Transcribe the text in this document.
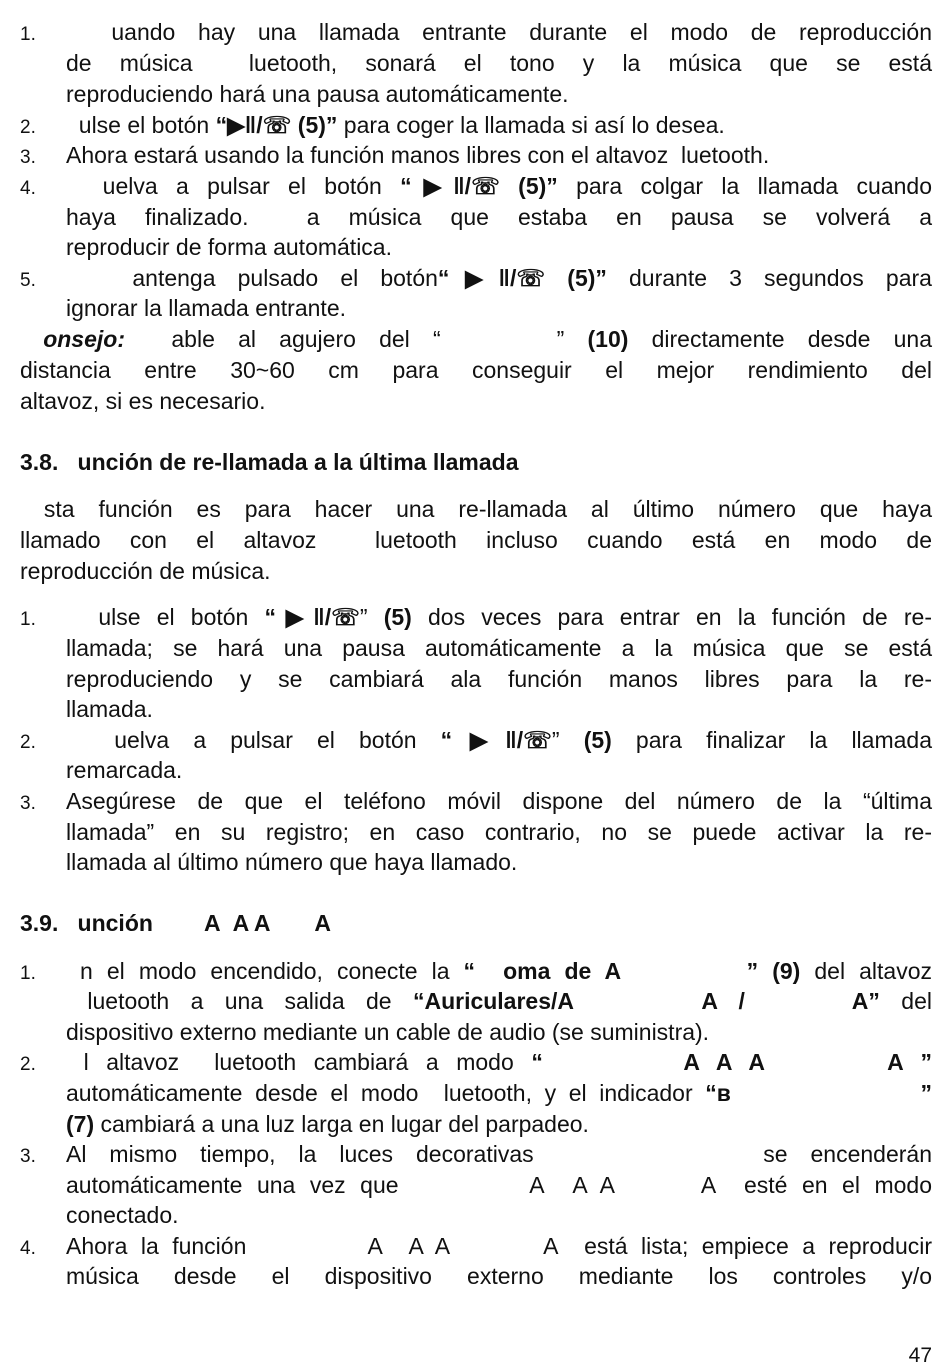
1. uando hay una llamada entrante durante el modo de reproducción
de música  luetooth, sonará el tono y la música que se está
reproduciendo hará una pausa automáticamente.
2. ulse el botón “▶‖/☏ (5)” para coger la llamada si así lo desea.
3. Ahora estará usando la función manos libres con el altavoz  luetooth.
4. uelva a pulsar el botón “▶‖/☏ (5)” para colgar la llamada cuando
haya finalizado.  a música que estaba en pausa se volverá a
reproducir de forma automática.
5. antenga pulsado el botón“▶‖/☏ (5)” durante 3 segundos para
ignorar la llamada entrante.
onsejo:  able al agujero del “     ” (10) directamente desde una
distancia entre 30~60 cm para conseguir el mejor rendimiento del
altavoz, si es necesario.
3.8.   unción de re-llamada a la última llamada
sta función es para hacer una re-llamada al último número que haya
llamado con el altavoz  luetooth incluso cuando está en modo de
reproducción de música.
1. ulse el botón “▶‖/☏” (5) dos veces para entrar en la función de re-
llamada; se hará una pausa automáticamente a la música que se está
reproduciendo y se cambiará ala función manos libres para la re-
llamada.
2. uelva a pulsar el botón “▶‖/☏” (5) para finalizar la llamada
remarcada.
3. Asegúrese de que el teléfono móvil dispone del número de la “última
llamada” en su registro; en caso contrario, no se puede activar la re-
llamada al último número que haya llamado.
3.9.   unción        A  A A       A
1. n el modo encendido, conecte la “  oma de A         ” (9) del altavoz
luetooth a una salida de “Auriculares/A      A /     A” del
dispositivo externo mediante un cable de audio (se suministra).
2. l altavoz  luetooth cambiará a modo “        A A A       A ”
automáticamente desde el modo  luetooth, y el indicador “ʙ               ”
(7) cambiará a una luz larga en lugar del parpadeo.
3. Al mismo tiempo, la luces decorativas          se encenderán
automáticamente una vez que         A  A A      A  esté en el modo
conectado.
4. Ahora la función         A  A A       A  está lista; empiece a reproducir
música desde el dispositivo externo mediante los controles y/o
47
